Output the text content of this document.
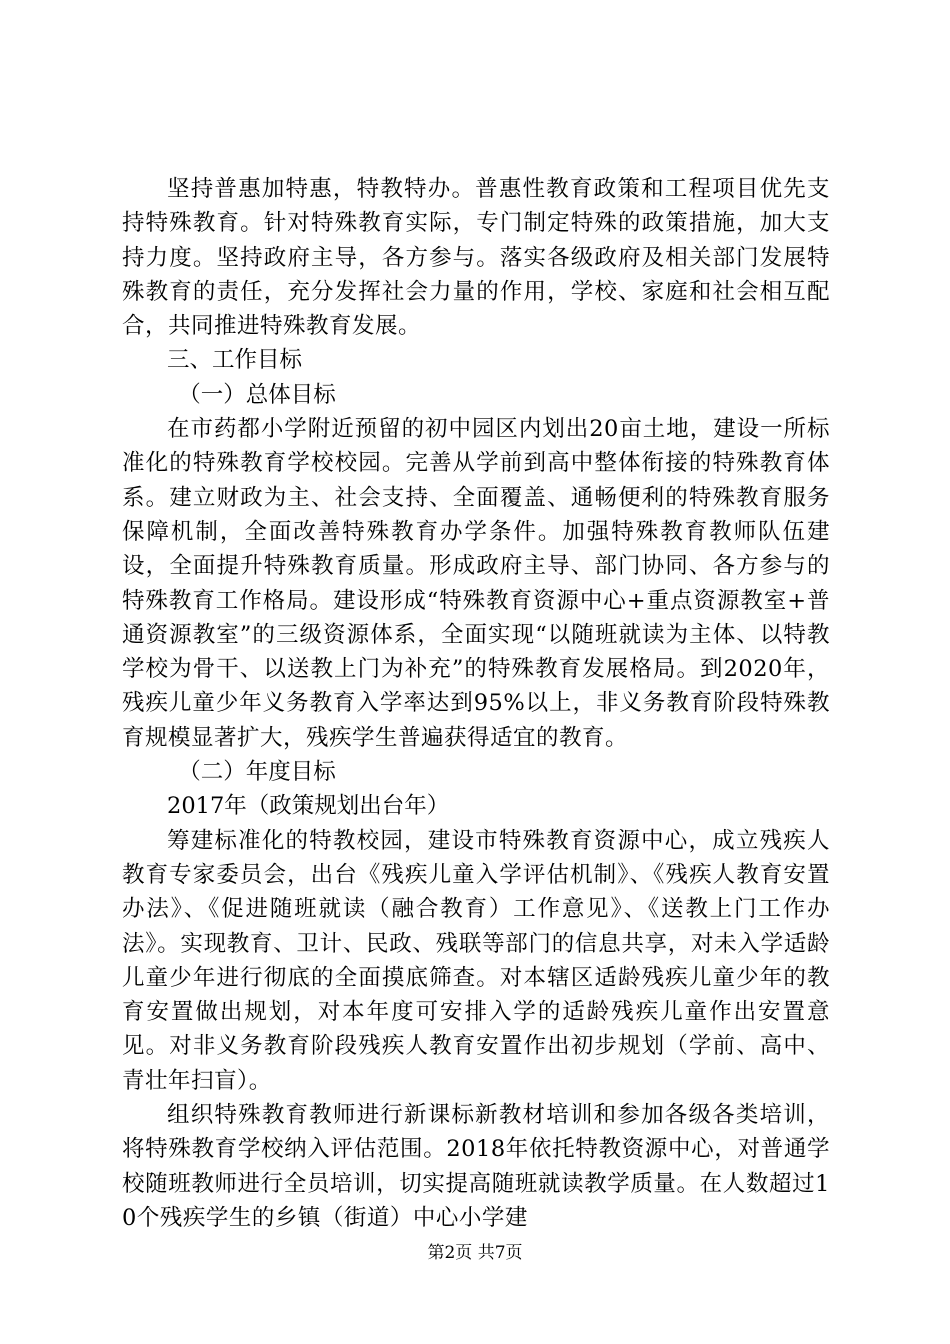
坚持普惠加特惠，特教特办。普惠性教育政策和工程项目优先支持特殊教育。针对特殊教育实际，专门制定特殊的政策措施，加大支持力度。坚持政府主导，各方参与。落实各级政府及相关部门发展特殊教育的责任，充分发挥社会力量的作用，学校、家庭和社会相互配合，共同推进特殊教育发展。

三、工作目标

（一）总体目标

在市药都小学附近预留的初中园区内划出20亩土地，建设一所标准化的特殊教育学校校园。完善从学前到高中整体衔接的特殊教育体系。建立财政为主、社会支持、全面覆盖、通畅便利的特殊教育服务保障机制，全面改善特殊教育办学条件。加强特殊教育教师队伍建设，全面提升特殊教育质量。形成政府主导、部门协同、各方参与的特殊教育工作格局。建设形成“特殊教育资源中心+重点资源教室+普通资源教室”的三级资源体系，全面实现“以随班就读为主体、以特教学校为骨干、以送教上门为补充”的特殊教育发展格局。到2020年，残疾儿童少年义务教育入学率达到95%以上，非义务教育阶段特殊教育规模显著扩大，残疾学生普遍获得适宜的教育。

（二）年度目标

2017年（政策规划出台年）

筹建标准化的特教校园，建设市特殊教育资源中心，成立残疾人教育专家委员会，出台《残疾儿童入学评估机制》、《残疾人教育安置办法》、《促进随班就读（融合教育）工作意见》、《送教上门工作办法》。实现教育、卫计、民政、残联等部门的信息共享，对未入学适龄儿童少年进行彻底的全面摸底筛查。对本辖区适龄残疾儿童少年的教育安置做出规划，对本年度可安排入学的适龄残疾儿童作出安置意见。对非义务教育阶段残疾人教育安置作出初步规划（学前、高中、青壮年扫盲）。

组织特殊教育教师进行新课标新教材培训和参加各级各类培训，将特殊教育学校纳入评估范围。2018年依托特教资源中心，对普通学校随班教师进行全员培训，切实提高随班就读教学质量。在人数超过10个残疾学生的乡镇（街道）中心小学建

第2页 共7页
